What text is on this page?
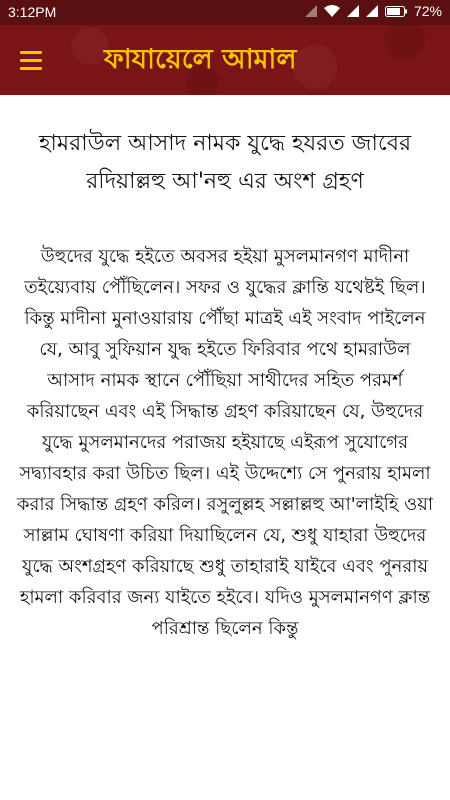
3:12PM	72%
ফাযায়েলে আমাল
হামরাউল আসাদ নামক যুদ্ধে হযরত জাবের রদিয়াল্লহু আ'নহু এর অংশ গ্রহণ
উহুদের যুদ্ধে হইতে অবসর হইয়া মুসলমানগণ মাদীনা তইয়্যেবায় পৌঁছিলেন। সফর ও যুদ্ধের ক্লান্তি যথেষ্টই ছিল। কিন্তু মাদীনা মুনাওয়ারায় পৌঁছা মাত্রই এই সংবাদ পাইলেন যে, আবু সুফিয়ান যুদ্ধ হইতে ফিরিবার পথে হামরাউল আসাদ নামক স্থানে পৌঁছিয়া সাথীদের সহিত পরমর্শ করিয়াছেন এবং এই সিদ্ধান্ত গ্রহণ করিয়াছেন যে, উহুদের যুদ্ধে মুসলমানদের পরাজয় হইয়াছে এইরূপ সুযোগের সদ্ব্যাবহার করা উচিত ছিল। এই উদ্দেশ্যে সে পুনরায় হামলা করার সিদ্ধান্ত গ্রহণ করিল। রসুলুল্লহ সল্লাল্লহু আ'লাইহি ওয়া সাল্লাম ঘোষণা করিয়া দিয়াছিলেন যে, শুধু যাহারা উহুদের যুদ্ধে অংশগ্রহণ করিয়াছে শুধু তাহারাই যাইবে এবং পুনরায় হামলা করিবার জন্য যাইতে হইবে। যদিও মুসলমানগণ ক্লান্ত পরিশ্রান্ত ছিলেন কিন্তু
